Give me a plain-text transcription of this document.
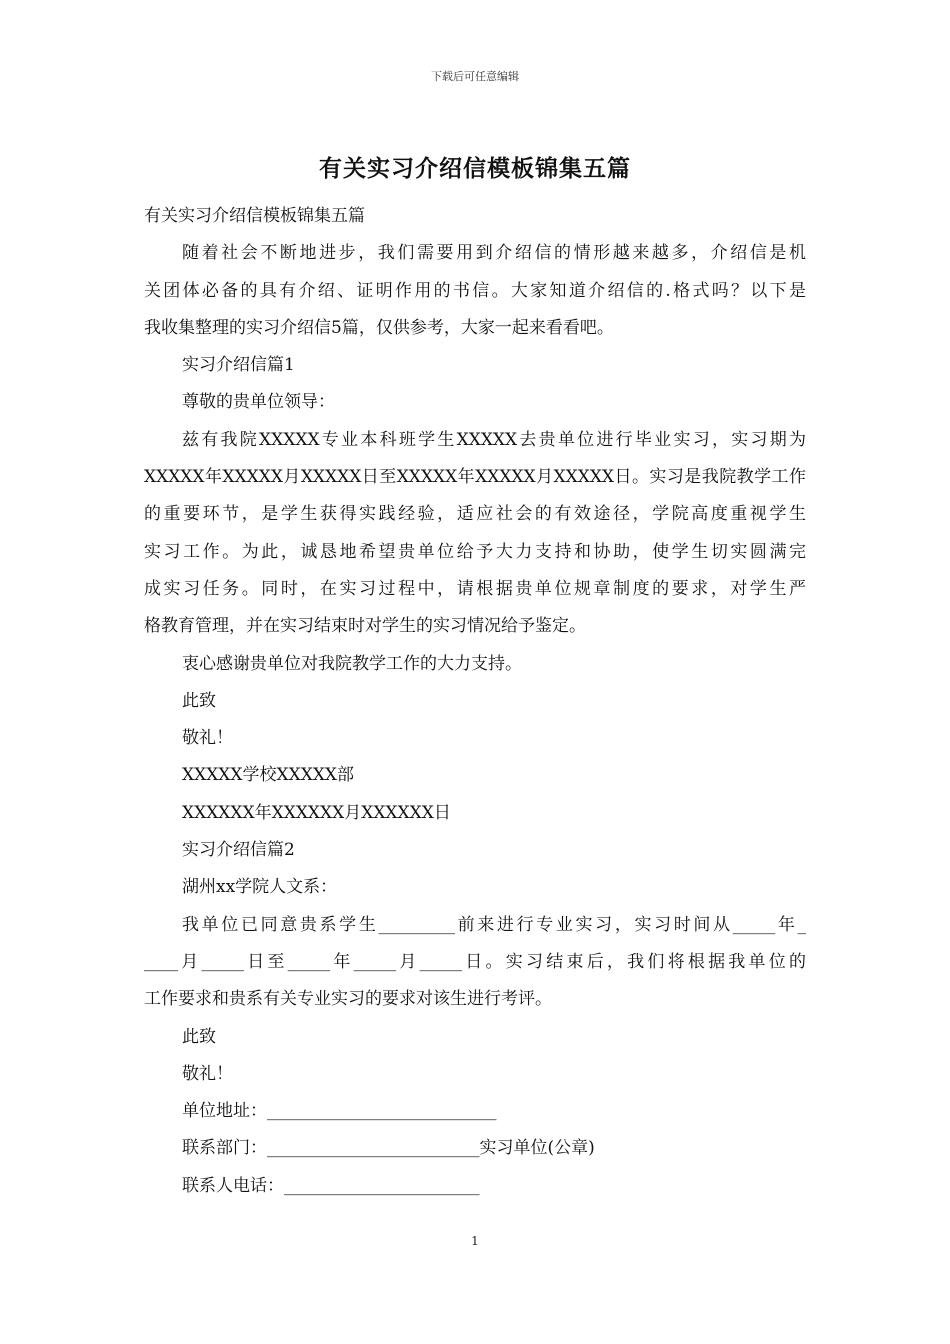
下载后可任意编辑
有关实习介绍信模板锦集五篇
有关实习介绍信模板锦集五篇
随着社会不断地进步，我们需要用到介绍信的情形越来越多，介绍信是机
关团体必备的具有介绍、证明作用的书信。大家知道介绍信的.格式吗？以下是
我收集整理的实习介绍信5篇，仅供参考，大家一起来看看吧。
实习介绍信篇1
尊敬的贵单位领导：
兹有我院XXXXX专业本科班学生XXXXX去贵单位进行毕业实习，实习期为
XXXXX年XXXXX月XXXXX日至XXXXX年XXXXX月XXXXX日。实习是我院教学工作
的重要环节，是学生获得实践经验，适应社会的有效途径，学院高度重视学生
实习工作。为此，诚恳地希望贵单位给予大力支持和协助，使学生切实圆满完
成实习任务。同时，在实习过程中，请根据贵单位规章制度的要求，对学生严
格教育管理，并在实习结束时对学生的实习情况给予鉴定。
衷心感谢贵单位对我院教学工作的大力支持。
此致
敬礼！
XXXXX学校XXXXX部
XXXXXX年XXXXXX月XXXXXX日
实习介绍信篇2
湖州xx学院人文系：
我单位已同意贵系学生_________前来进行专业实习，实习时间从_____年_
____月_____日至_____年_____月_____日。实习结束后，我们将根据我单位的
工作要求和贵系有关专业实习的要求对该生进行考评。
此致
敬礼！
单位地址：___________________________
联系部门：_________________________实习单位(公章)
联系人电话：_______________________
1
